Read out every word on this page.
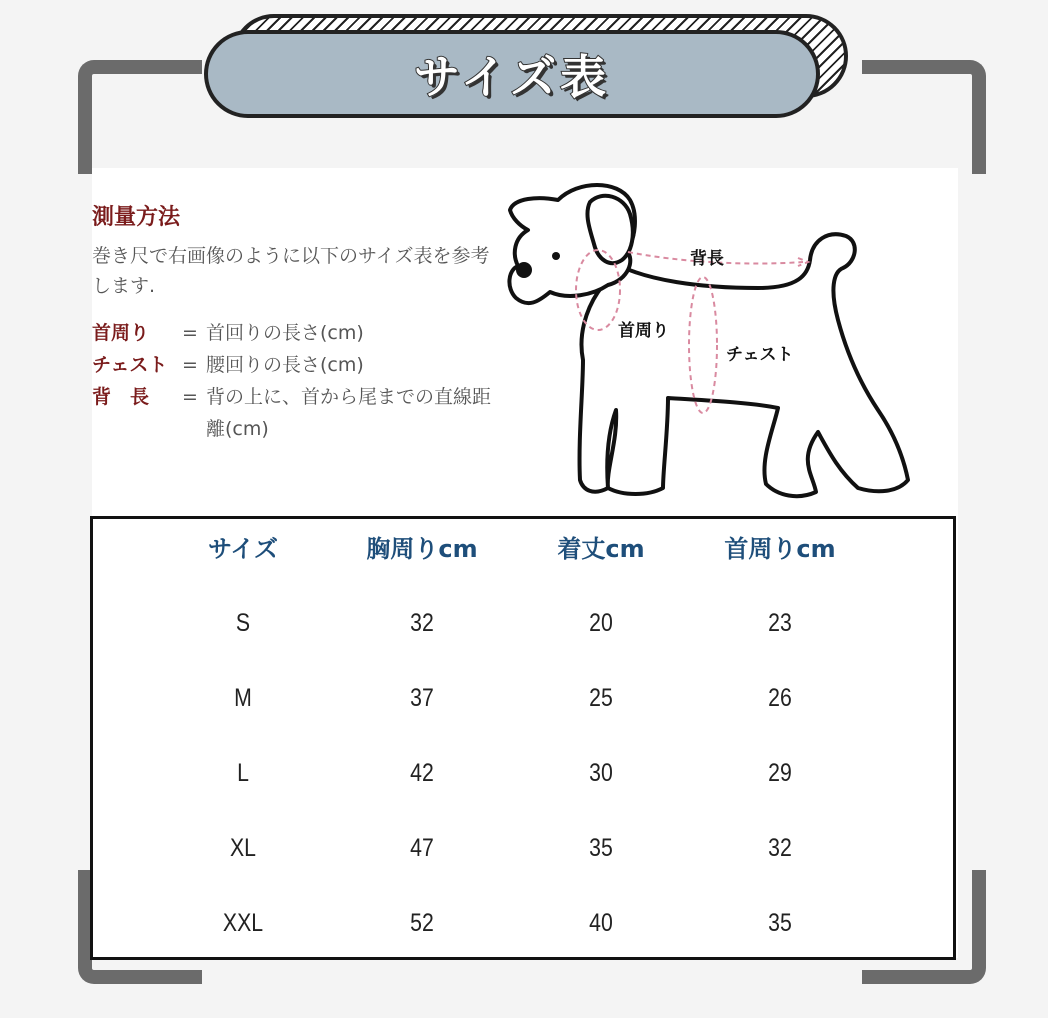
サイズ表
測量方法
巻き尺で右画像のように以下のサイズ表を参考します.
首周り	= 首回りの長さ(cm)
チェスト = 腰回りの長さ(cm)
背　長	= 背の上に、首から尾までの直線距離(cm)
背長
首周り
チェスト
サイズ	胸周りcm	着丈cm	首周りcm
S	32	20	23
M	37	25	26
L	42	30	29
XL	47	35	32
XXL	52	40	35
